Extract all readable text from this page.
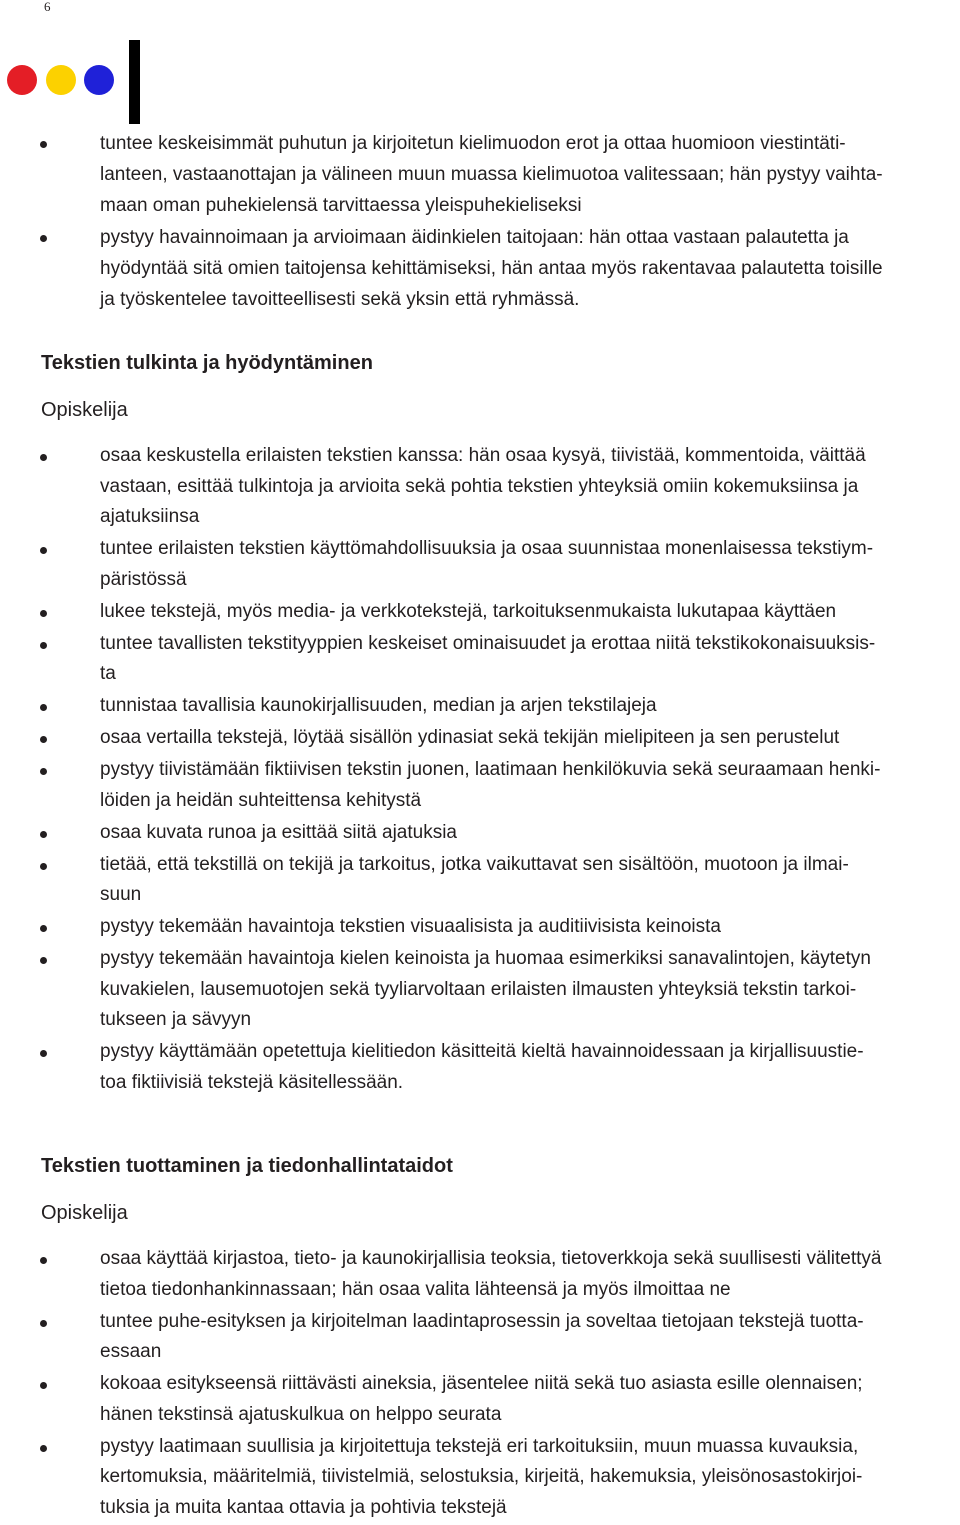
6
tuntee keskeisimmät puhutun ja kirjoitetun kielimuodon erot ja ottaa huomioon viestintäti-
lanteen, vastaanottajan ja välineen muun muassa kielimuotoa valitessaan; hän pystyy vaihta-
maan oman puhekielensä tarvittaessa yleispuhekieliseksi
pystyy havainnoimaan ja arvioimaan äidinkielen taitojaan: hän ottaa vastaan palautetta ja
hyödyntää sitä omien taitojensa kehittämiseksi, hän antaa myös rakentavaa palautetta toisille
ja työskentelee tavoitteellisesti sekä yksin että ryhmässä.
Tekstien tulkinta ja hyödyntäminen

Opiskelija

osaa keskustella erilaisten tekstien kanssa: hän osaa kysyä, tiivistää, kommentoida, väittää
vastaan, esittää tulkintoja ja arvioita sekä pohtia tekstien yhteyksiä omiin kokemuksiinsa ja
ajatuksiinsa
tuntee erilaisten tekstien käyttömahdollisuuksia ja osaa suunnistaa monenlaisessa tekstiym-
päristössä
lukee tekstejä, myös media- ja verkkotekstejä, tarkoituksenmukaista lukutapaa käyttäen
tuntee tavallisten tekstityyppien keskeiset ominaisuudet ja erottaa niitä tekstikokonaisuuksis-
ta
tunnistaa tavallisia kaunokirjallisuuden, median ja arjen tekstilajeja
osaa vertailla tekstejä, löytää sisällön ydinasiat sekä tekijän mielipiteen ja sen perustelut
pystyy tiivistämään fiktiivisen tekstin juonen, laatimaan henkilökuvia sekä seuraamaan henki-
löiden ja heidän suhteittensa kehitystä
osaa kuvata runoa ja esittää siitä ajatuksia
tietää, että tekstillä on tekijä ja tarkoitus, jotka vaikuttavat sen sisältöön, muotoon ja ilmai-
suun
pystyy tekemään havaintoja tekstien visuaalisista ja auditiivisista keinoista
pystyy tekemään havaintoja kielen keinoista ja huomaa esimerkiksi sanavalintojen, käytetyn
kuvakielen, lausemuotojen sekä tyyliarvoltaan erilaisten ilmausten yhteyksiä tekstin tarkoi-
tukseen ja sävyyn
pystyy käyttämään opetettuja kielitiedon käsitteitä kieltä havainnoidessaan ja kirjallisuustie-
toa fiktiivisiä tekstejä käsitellessään.
Tekstien tuottaminen ja tiedonhallintataidot

Opiskelija

osaa käyttää kirjastoa, tieto- ja kaunokirjallisia teoksia, tietoverkkoja sekä suullisesti välitettyä
tietoa tiedonhankinnassaan; hän osaa valita lähteensä ja myös ilmoittaa ne
tuntee puhe-esityksen ja kirjoitelman laadintaprosessin ja soveltaa tietojaan tekstejä tuotta-
essaan
kokoaa esitykseensä riittävästi aineksia, jäsentelee niitä sekä tuo asiasta esille olennaisen;
hänen tekstinsä ajatuskulkua on helppo seurata
pystyy laatimaan suullisia ja kirjoitettuja tekstejä eri tarkoituksiin, muun muassa kuvauksia,
kertomuksia, määritelmiä, tiivistelmiä, selostuksia, kirjeitä, hakemuksia, yleisönosastokirjoi-
tuksia ja muita kantaa ottavia ja pohtivia tekstejä
